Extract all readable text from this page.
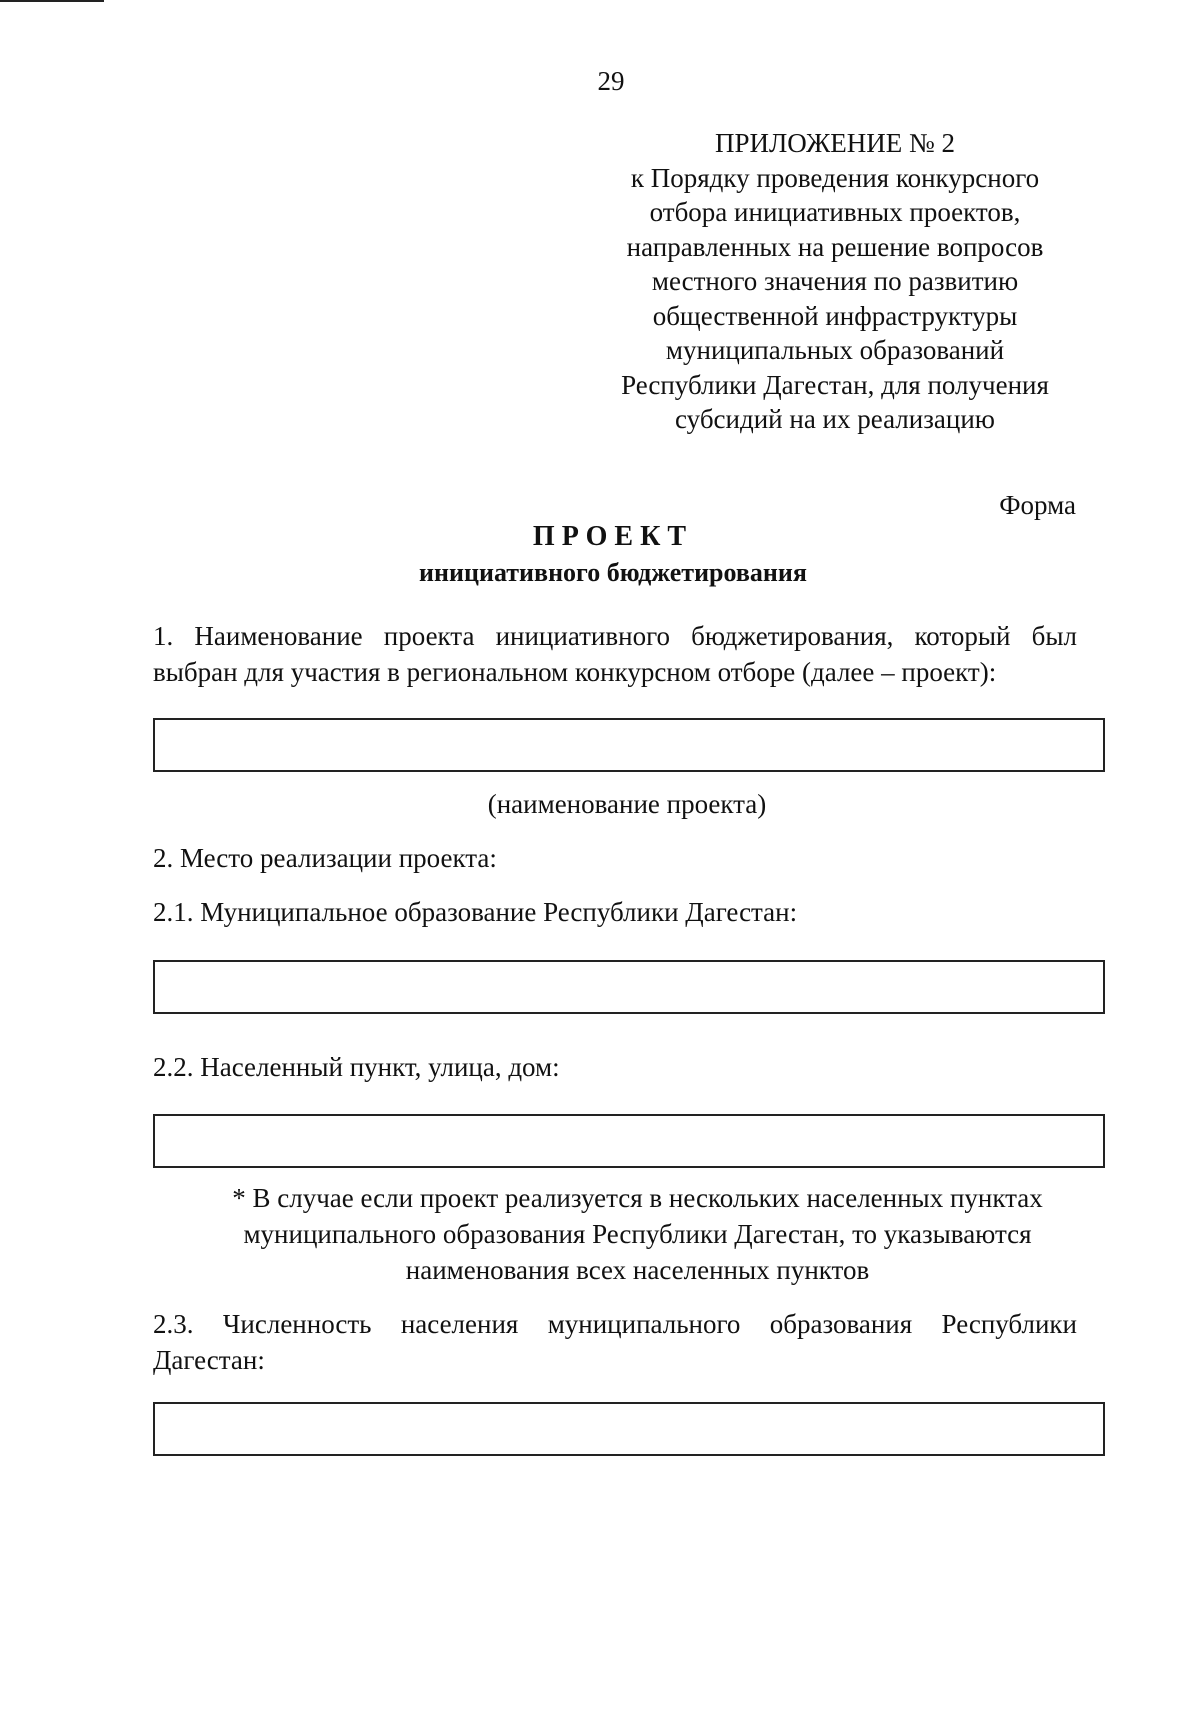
29
ПРИЛОЖЕНИЕ № 2
к Порядку проведения конкурсного
отбора инициативных проектов,
направленных на решение вопросов
местного значения по развитию
общественной инфраструктуры
муниципальных образований
Республики Дагестан, для получения
субсидий на их реализацию
Форма
ПРОЕКТ
инициативного бюджетирования
1. Наименование проекта инициативного бюджетирования, который был выбран для участия в региональном конкурсном отборе (далее – проект):
(наименование проекта)
2. Место реализации проекта:
2.1. Муниципальное образование Республики Дагестан:
2.2. Населенный пункт, улица, дом:
* В случае если проект реализуется в нескольких населенных пунктах муниципального образования Республики Дагестан, то указываются наименования всех населенных пунктов
2.3. Численность населения муниципального образования Республики Дагестан:
